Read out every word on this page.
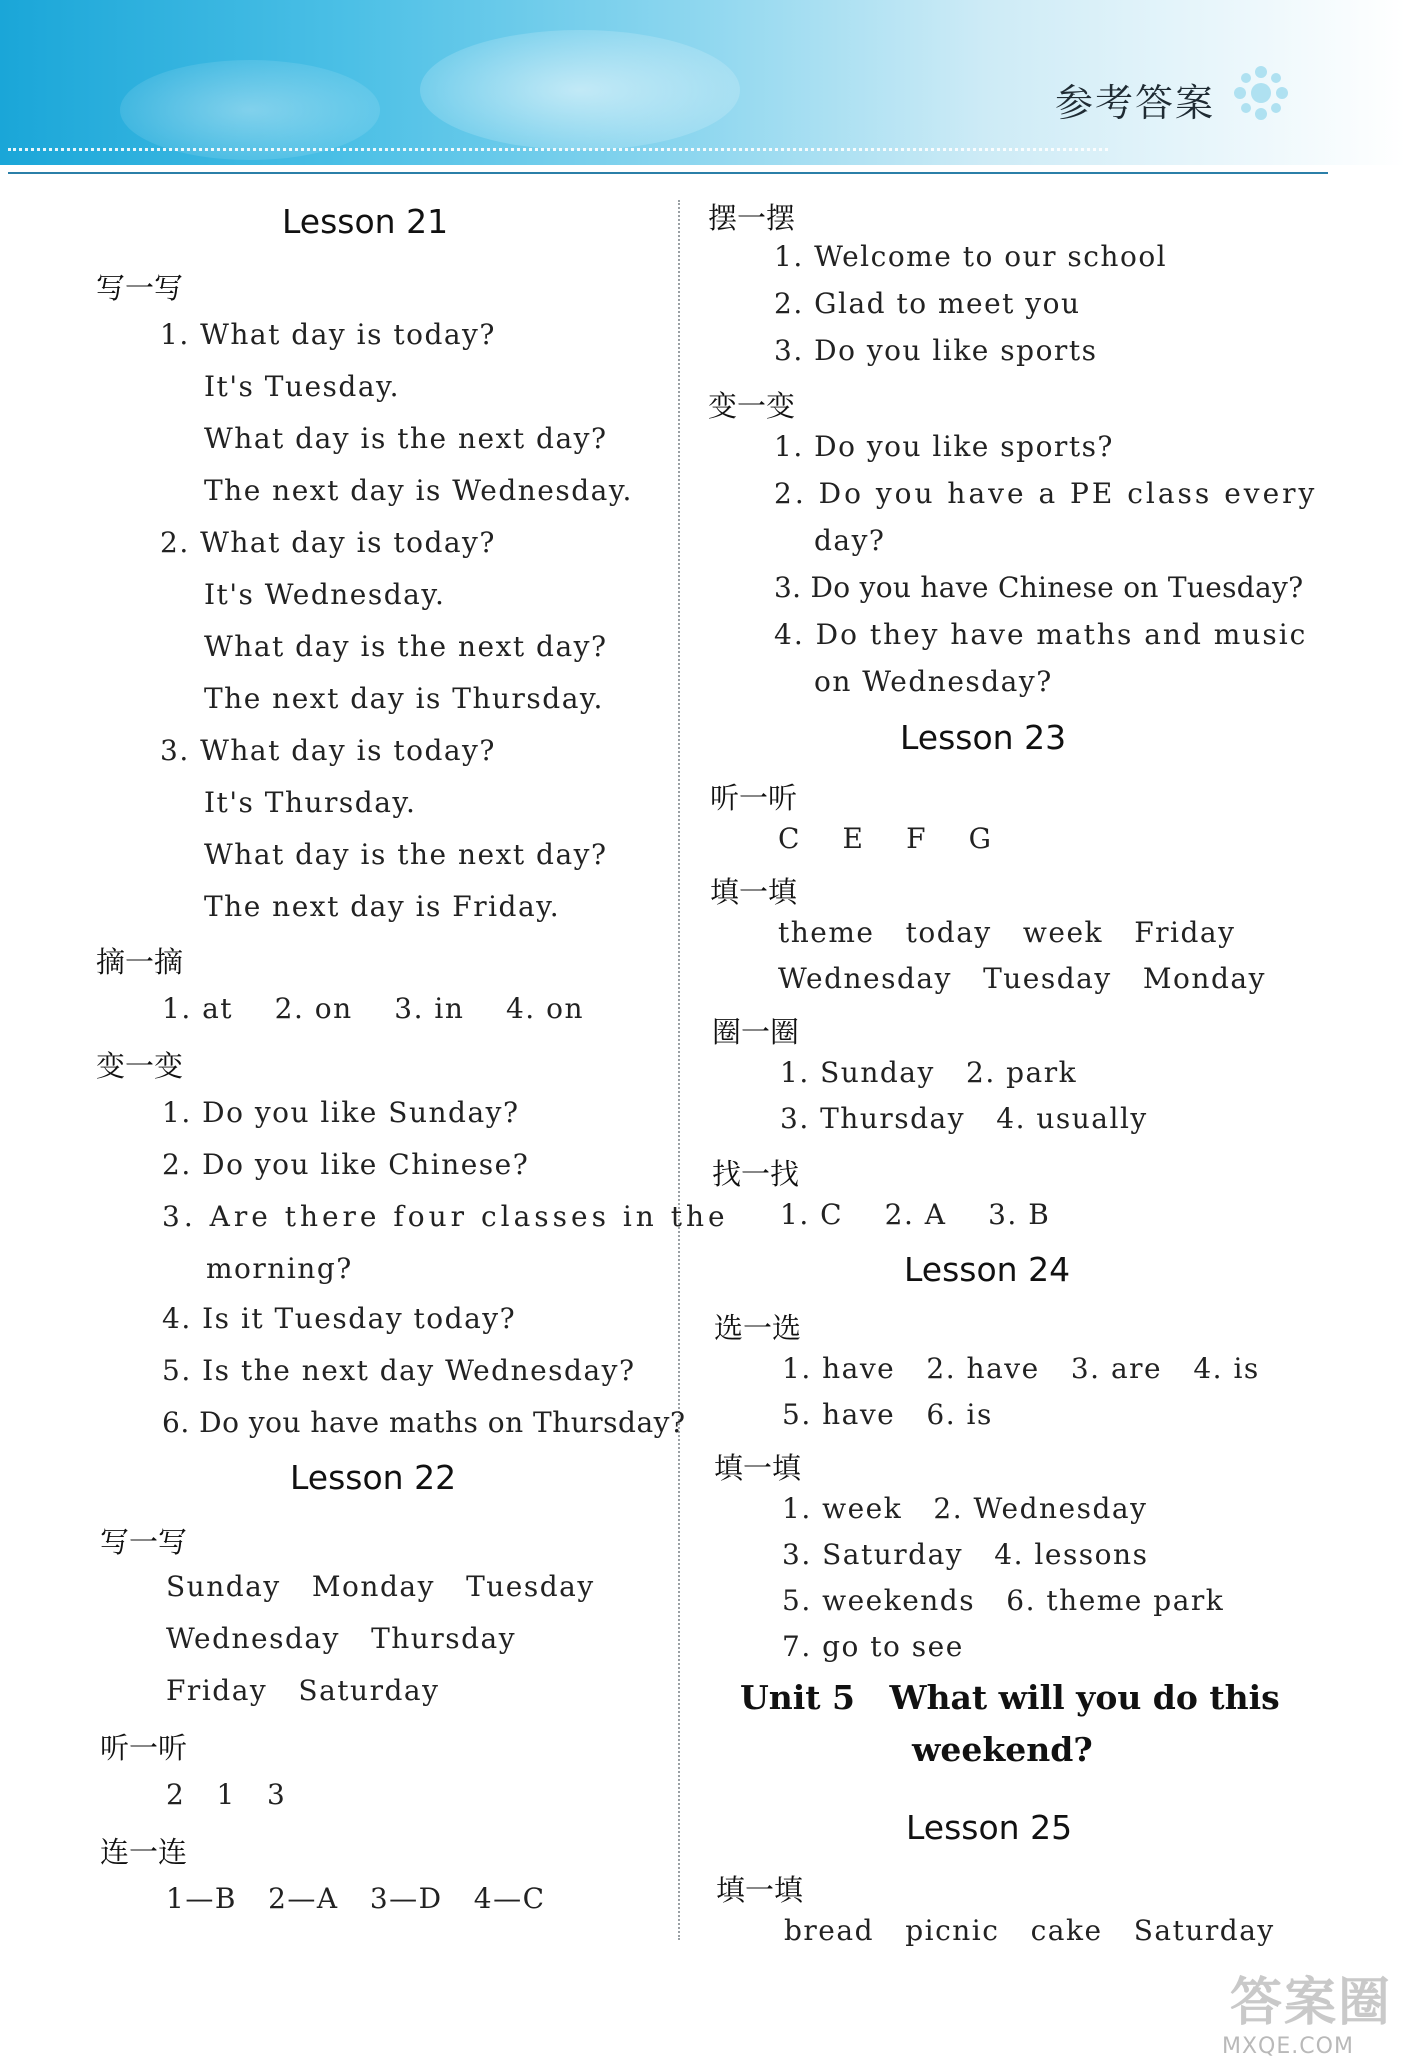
参考答案
Lesson 21
写一写
1. What day is today?
It's Tuesday.
What day is the next day?
The next day is Wednesday.
2. What day is today?
It's Wednesday.
What day is the next day?
The next day is Thursday.
3. What day is today?
It's Thursday.
What day is the next day?
The next day is Friday.
摘一摘
1. at    2. on    3. in    4. on
变一变
1. Do you like Sunday?
2. Do you like Chinese?
3. Are there four classes in the
morning?
4. Is it Tuesday today?
5. Is the next day Wednesday?
6. Do you have maths on Thursday?
Lesson 22
写一写
Sunday   Monday   Tuesday
Wednesday   Thursday
Friday   Saturday
听一听
2   1   3
连一连
1—B   2—A   3—D   4—C
摆一摆
1. Welcome to our school
2. Glad to meet you
3. Do you like sports
变一变
1. Do you like sports?
2. Do you have a PE class every
day?
3. Do you have Chinese on Tuesday?
4. Do they have maths and music
on Wednesday?
Lesson 23
听一听
C    E    F    G
填一填
theme   today   week   Friday
Wednesday   Tuesday   Monday
圈一圈
1. Sunday   2. park
3. Thursday   4. usually
找一找
1. C    2. A    3. B
Lesson 24
选一选
1. have   2. have   3. are   4. is
5. have   6. is
填一填
1. week   2. Wednesday
3. Saturday   4. lessons
5. weekends   6. theme park
7. go to see
Unit 5   What will you do this
weekend?
Lesson 25
填一填
bread   picnic   cake   Saturday
答案圈
MXQE.COM
